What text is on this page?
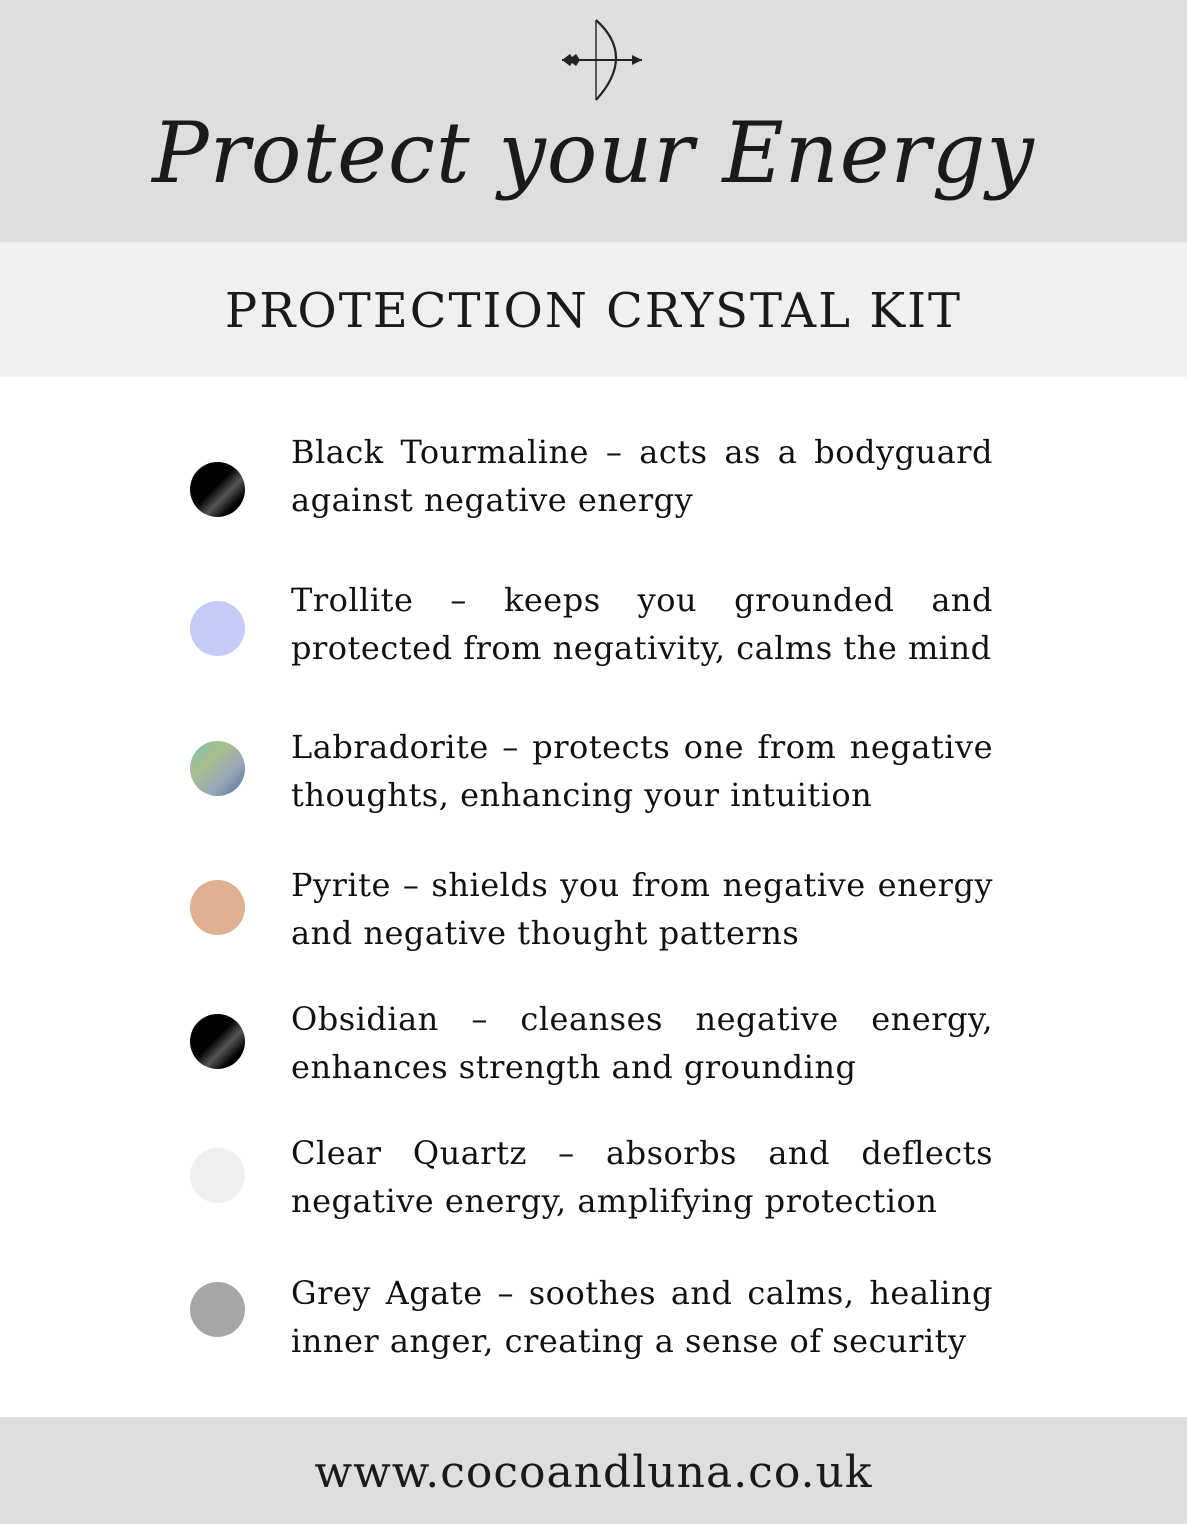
Protect your Energy
PROTECTION CRYSTAL KIT

Black Tourmaline – acts as a bodyguard against negative energy

Trollite – keeps you grounded and protected from negativity, calms the mind

Labradorite – protects one from negative thoughts, enhancing your intuition

Pyrite – shields you from negative energy and negative thought patterns

Obsidian – cleanses negative energy, enhances strength and grounding

Clear Quartz – absorbs and deflects negative energy, amplifying protection

Grey Agate – soothes and calms, healing inner anger, creating a sense of security

www.cocoandluna.co.uk
